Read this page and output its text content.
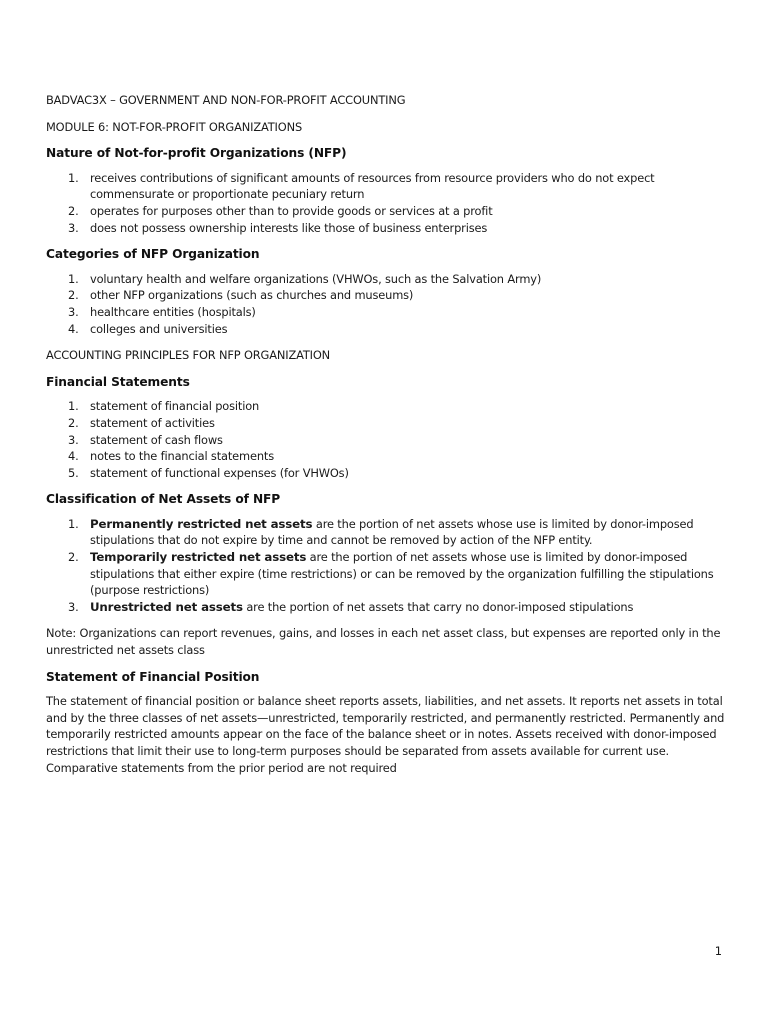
BADVAC3X – GOVERNMENT AND NON-FOR-PROFIT ACCOUNTING

MODULE 6: NOT-FOR-PROFIT ORGANIZATIONS

Nature of Not-for-profit Organizations (NFP)
1. receives contributions of significant amounts of resources from resource providers who do not expect commensurate or proportionate pecuniary return
2. operates for purposes other than to provide goods or services at a profit
3. does not possess ownership interests like those of business enterprises
Categories of NFP Organization
1. voluntary health and welfare organizations (VHWOs, such as the Salvation Army)
2. other NFP organizations (such as churches and museums)
3. healthcare entities (hospitals)
4. colleges and universities

ACCOUNTING PRINCIPLES FOR NFP ORGANIZATION

Financial Statements
1. statement of financial position
2. statement of activities
3. statement of cash flows
4. notes to the financial statements
5. statement of functional expenses (for VHWOs)
Classification of Net Assets of NFP
1. Permanently restricted net assets are the portion of net assets whose use is limited by donor-imposed stipulations that do not expire by time and cannot be removed by action of the NFP entity.
2. Temporarily restricted net assets are the portion of net assets whose use is limited by donor-imposed stipulations that either expire (time restrictions) or can be removed by the organization fulfilling the stipulations (purpose restrictions)
3. Unrestricted net assets are the portion of net assets that carry no donor-imposed stipulations

Note: Organizations can report revenues, gains, and losses in each net asset class, but expenses are reported only in the unrestricted net assets class

Statement of Financial Position

The statement of financial position or balance sheet reports assets, liabilities, and net assets. It reports net assets in total and by the three classes of net assets—unrestricted, temporarily restricted, and permanently restricted. Permanently and temporarily restricted amounts appear on the face of the balance sheet or in notes. Assets received with donor-imposed restrictions that limit their use to long-term purposes should be separated from assets available for current use. Comparative statements from the prior period are not required

1
